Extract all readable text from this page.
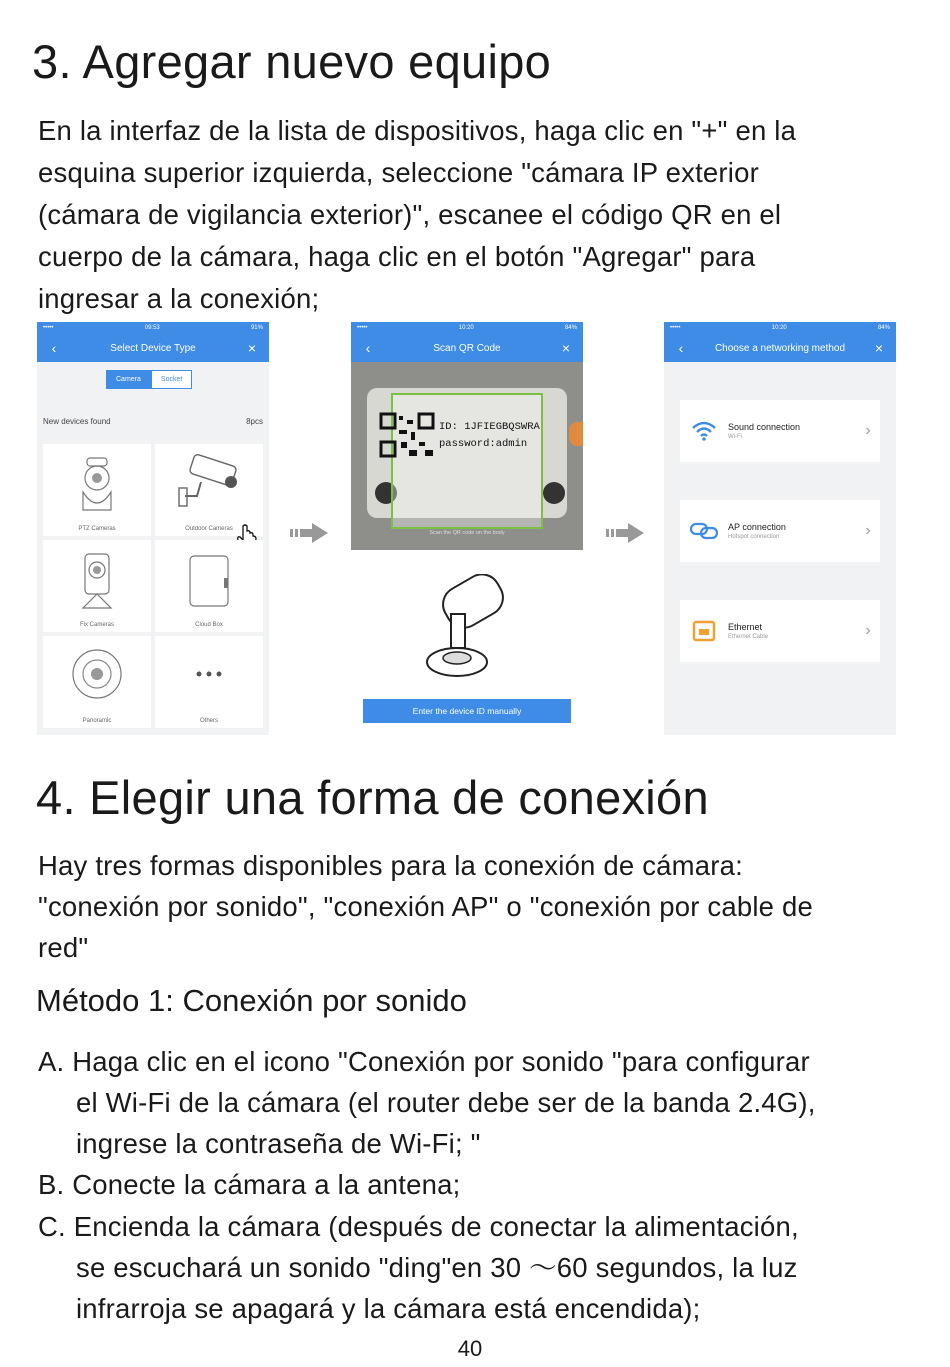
3. Agregar nuevo equipo
En la interfaz de la lista de dispositivos, haga clic en "+" en la
esquina superior izquierda, seleccione "cámara IP exterior
(cámara de vigilancia exterior)", escanee el código QR en el
cuerpo de la cámara, haga clic en el botón "Agregar" para
ingresar a la conexión;
•••••	09:53	91%
‹	Select Device Type	×
Camera	Socket
New devices found	8pcs
PTZ Cameras	Outdoor Cameras
Fix Cameras	Cloud Box
Panoramic	Others
•••••	10:20	84%
‹	Scan QR Code	×
ID: 1JFIEGBQSWRA
password:admin
Scan the QR code on the body
Enter the device ID manually
•••••	10:20	84%
‹	Choose a networking method	×
Sound connection
Wi-Fi	›
AP connection
Hotspot connection	›
Ethernet
Ethernet Cable	›
4. Elegir una forma de conexión
Hay tres formas disponibles para la conexión de cámara:
"conexión por sonido", "conexión AP" o "conexión por cable de
red"
Método 1: Conexión por sonido
A. Haga clic en el icono "Conexión por sonido "para configurar
el Wi-Fi de la cámara (el router debe ser de la banda 2.4G),
ingrese la contraseña de Wi-Fi; "
B. Conecte la cámara a la antena;
C. Encienda la cámara (después de conectar la alimentación,
se escuchará un sonido "ding"en 30 ～60 segundos, la luz
infrarroja se apagará y la cámara está encendida);
40
